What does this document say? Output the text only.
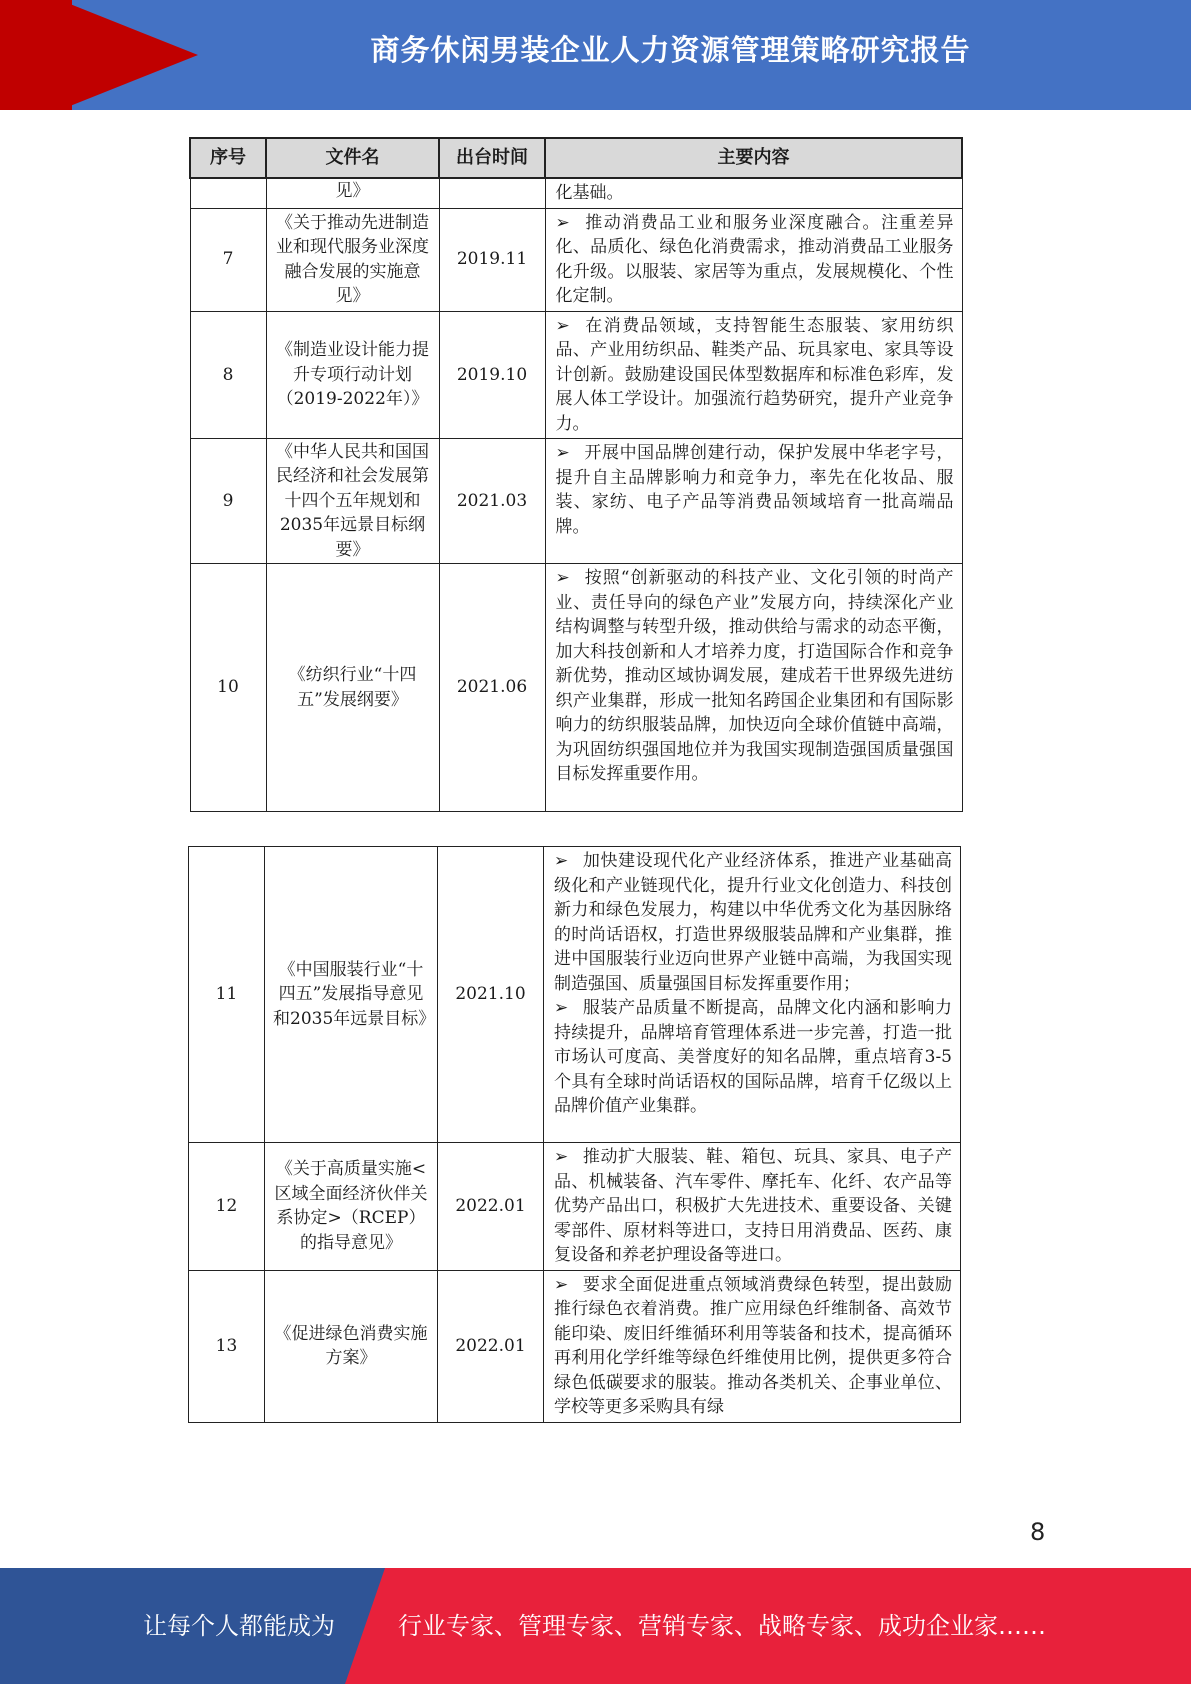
商务休闲男装企业人力资源管理策略研究报告
序号	文件名	出台时间	主要内容
	见》		化基础。
7	《关于推动先进制造业和现代服务业深度融合发展的实施意见》	2019.11	➢ 推动消费品工业和服务业深度融合。注重差异化、品质化、绿色化消费需求，推动消费品工业服务化升级。以服装、家居等为重点，发展规模化、个性化定制。
8	《制造业设计能力提升专项行动计划（2019-2022年）》	2019.10	➢ 在消费品领域，支持智能生态服装、家用纺织品、产业用纺织品、鞋类产品、玩具家电、家具等设计创新。鼓励建设国民体型数据库和标准色彩库，发展人体工学设计。加强流行趋势研究，提升产业竞争力。
9	《中华人民共和国国民经济和社会发展第十四个五年规划和2035年远景目标纲要》	2021.03	➢ 开展中国品牌创建行动，保护发展中华老字号，提升自主品牌影响力和竞争力，率先在化妆品、服装、家纺、电子产品等消费品领域培育一批高端品牌。
10	《纺织行业“十四五”发展纲要》	2021.06	➢ 按照“创新驱动的科技产业、文化引领的时尚产业、责任导向的绿色产业”发展方向，持续深化产业结构调整与转型升级，推动供给与需求的动态平衡，加大科技创新和人才培养力度，打造国际合作和竞争新优势，推动区域协调发展，建成若干世界级先进纺织产业集群，形成一批知名跨国企业集团和有国际影响力的纺织服装品牌，加快迈向全球价值链中高端，为巩固纺织强国地位并为我国实现制造强国质量强国目标发挥重要作用。
11	《中国服装行业“十四五”发展指导意见和2035年远景目标》	2021.10	➢ 加快建设现代化产业经济体系，推进产业基础高级化和产业链现代化，提升行业文化创造力、科技创新力和绿色发展力，构建以中华优秀文化为基因脉络的时尚话语权，打造世界级服装品牌和产业集群，推进中国服装行业迈向世界产业链中高端，为我国实现制造强国、质量强国目标发挥重要作用；
➢ 服装产品质量不断提高，品牌文化内涵和影响力持续提升，品牌培育管理体系进一步完善，打造一批市场认可度高、美誉度好的知名品牌，重点培育3-5个具有全球时尚话语权的国际品牌，培育千亿级以上品牌价值产业集群。
12	《关于高质量实施<区域全面经济伙伴关系协定>（RCEP）的指导意见》	2022.01	➢ 推动扩大服装、鞋、箱包、玩具、家具、电子产品、机械装备、汽车零件、摩托车、化纤、农产品等优势产品出口，积极扩大先进技术、重要设备、关键零部件、原材料等进口，支持日用消费品、医药、康复设备和养老护理设备等进口。
13	《促进绿色消费实施方案》	2022.01	➢ 要求全面促进重点领域消费绿色转型，提出鼓励推行绿色衣着消费。推广应用绿色纤维制备、高效节能印染、废旧纤维循环利用等装备和技术，提高循环再利用化学纤维等绿色纤维使用比例，提供更多符合绿色低碳要求的服装。推动各类机关、企事业单位、学校等更多采购具有绿
8
让每个人都能成为	行业专家、管理专家、营销专家、战略专家、成功企业家……
